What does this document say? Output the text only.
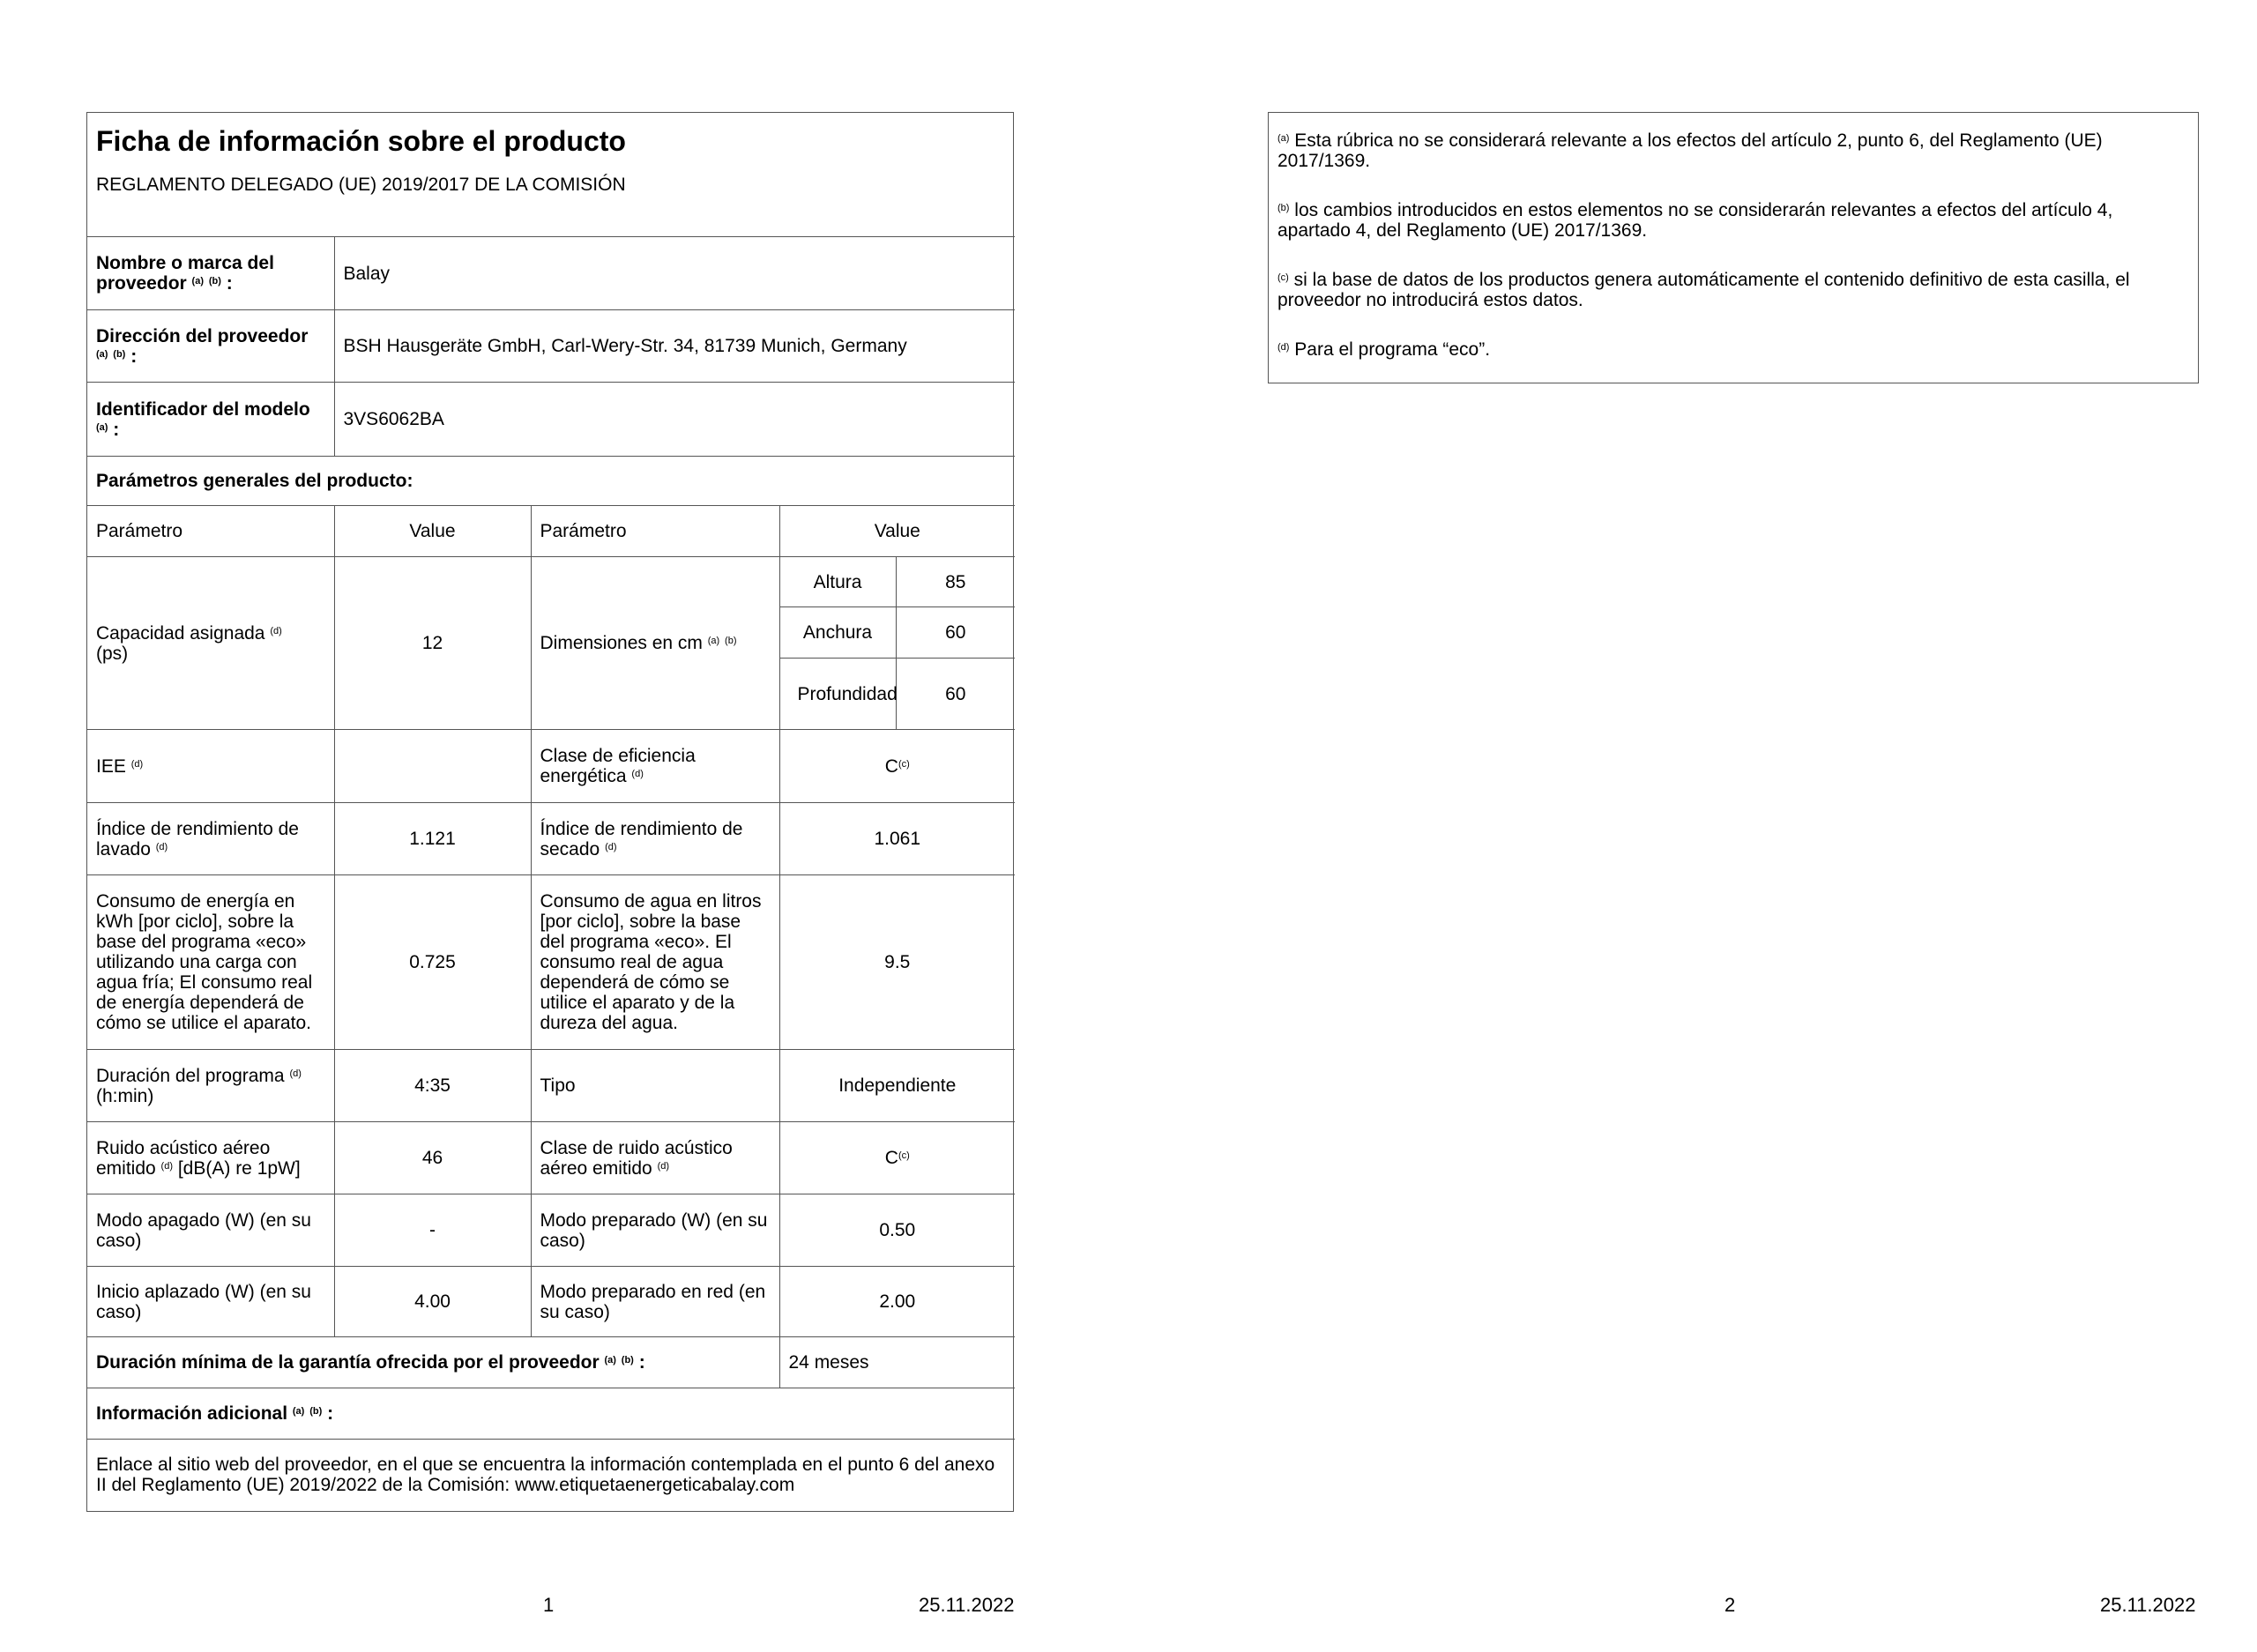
Ficha de información sobre el producto
REGLAMENTO DELEGADO (UE) 2019/2017 DE LA COMISIÓN				

Nombre o marca del proveedor $^{(a)}$ $^{(b)}$ :	Balay			
Dirección del proveedor $^{(a)}$ $^{(b)}$ :	BSH Hausgeräte GmbH, Carl-Wery-Str. 34, 81739 Munich, Germany			
Identificador del modelo $^{(a)}$ :	3VS6062BA			
Parámetros generales del producto:				
Parámetro	Value	Parámetro	Value	
Capacidad asignada $^{(d)}$
(ps)	12	Dimensiones en cm $^{(a)}$ $^{(b)}$	Altura	85
			Anchura	60
			Profundidad	60
IEE $^{(d)}$		Clase de eficiencia energética $^{(d)}$	$C^{(c)}$
Índice de rendimiento de lavado $^{(d)}$	1.121	Índice de rendimiento de secado $^{(d)}$	1.061	
Consumo de energía en kWh [por ciclo], sobre la base del programa «eco» utilizando una carga con agua fría; El consumo real de energía dependerá de cómo se utilice el aparato.	0.725	Consumo de agua en litros [por ciclo], sobre la base del programa «eco». El consumo real de agua dependerá de cómo se utilice el aparato y de la dureza del agua.	9.5	
Duración del programa $^{(d)}$
(h:min)	4:35	Tipo	Independiente	
Ruido acústico aéreo emitido $^{(d)}$ [dB(A) re 1pW]	46	Clase de ruido acústico aéreo emitido $^{(d)}$	$C^{(c)}$
Modo apagado (W) (en su caso)	-	Modo preparado (W) (en su caso)	0.50	
Inicio aplazado (W) (en su caso)	4.00	Modo preparado en red (en su caso)	2.00	
Duración mínima de la garantía ofrecida por el proveedor $^{(a)}$ $^{(b)}$ :			24 meses	
Información adicional $^{(a)}$ $^{(b)}$ :				
Enlace al sitio web del proveedor, en el que se encuentra la información contemplada en el punto 6 del anexo II del Reglamento (UE) 2019/2022 de la Comisión: www.etiquetaenergeticabalay.com				
$^{(a)}$ Esta rúbrica no se considerará relevante a los efectos del artículo 2, punto 6, del Reglamento (UE) 2017/1369.
$^{(b)}$ los cambios introducidos en estos elementos no se considerarán relevantes a efectos del artículo 4, apartado 4, del Reglamento (UE) 2017/1369.
$^{(c)}$ si la base de datos de los productos genera automáticamente el contenido definitivo de esta casilla, el proveedor no introducirá estos datos.
$^{(d)}$ Para el programa “eco”.
1	25.11.2022	2	25.11.2022
